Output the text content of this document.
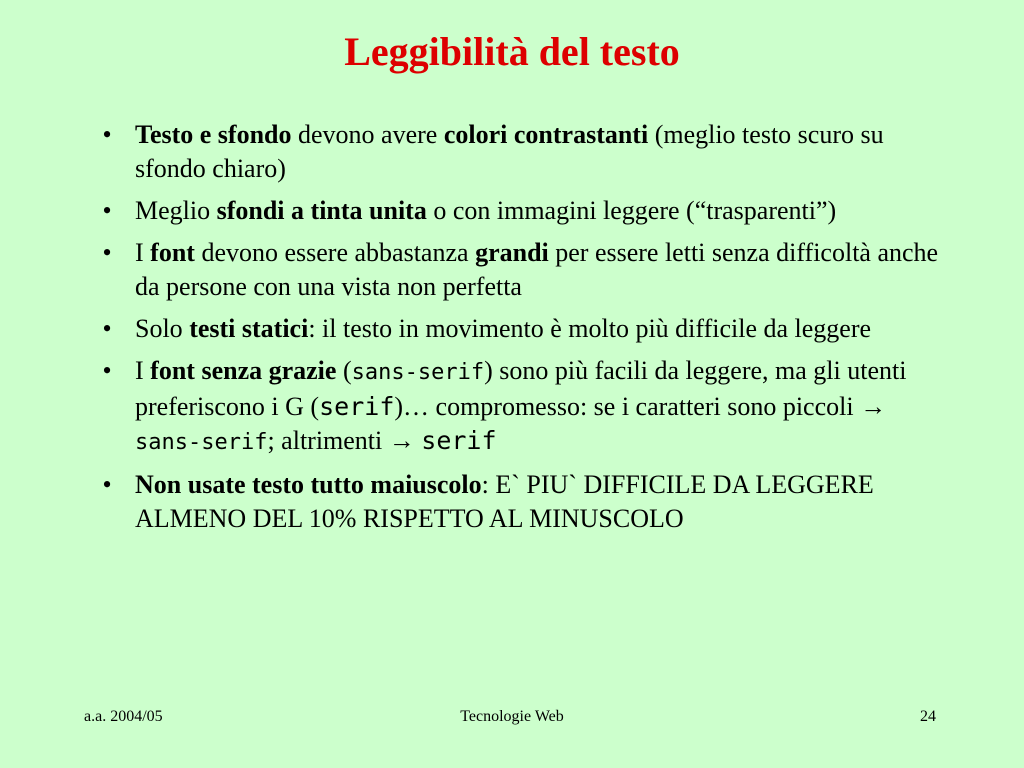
Leggibilità del testo
• Testo e sfondo devono avere colori contrastanti (meglio testo scuro su sfondo chiaro)
• Meglio sfondi a tinta unita o con immagini leggere (“trasparenti”)
• I font devono essere abbastanza grandi per essere letti senza difficoltà anche da persone con una vista non perfetta
• Solo testi statici: il testo in movimento è molto più difficile da leggere
• I font senza grazie (sans-serif) sono più facili da leggere, ma gli utenti preferiscono i G (serif)… compromesso: se i caratteri sono piccoli → sans-serif; altrimenti → serif
• Non usate testo tutto maiuscolo: E` PIU` DIFFICILE DA LEGGERE ALMENO DEL 10% RISPETTO AL MINUSCOLO
a.a. 2004/05	Tecnologie Web	24
